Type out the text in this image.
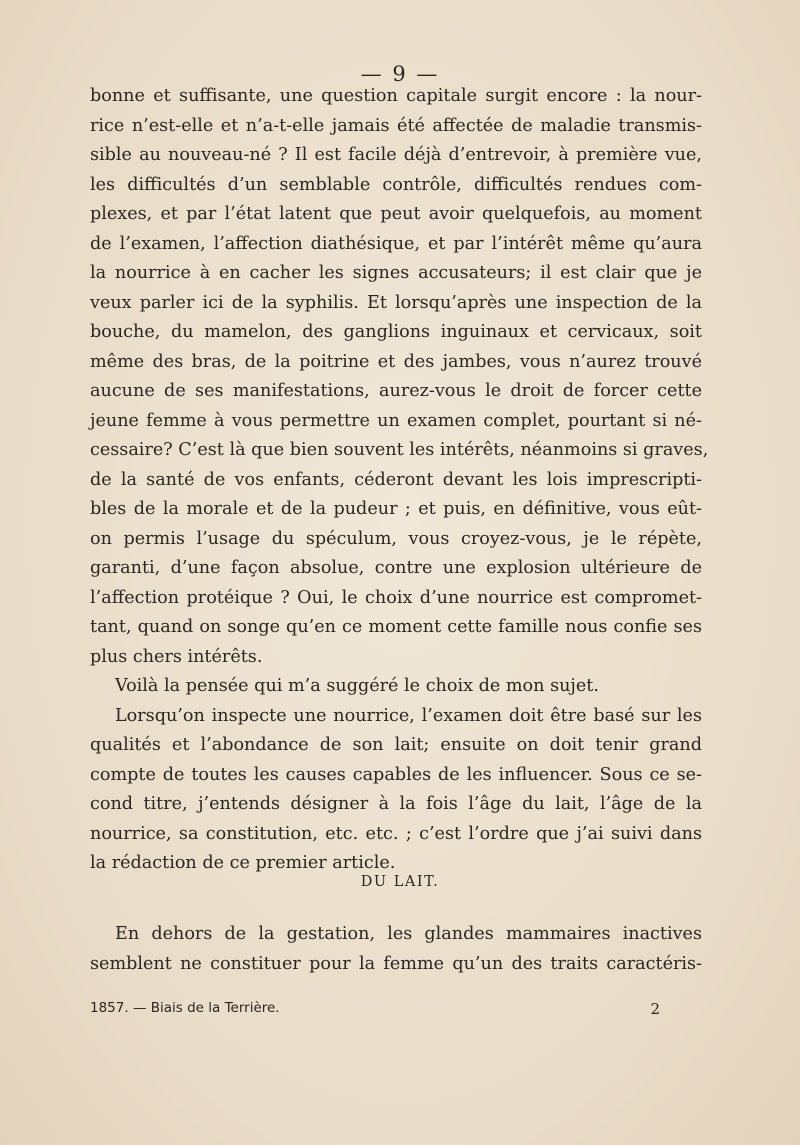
— 9 —
bonne et suffisante, une question capitale surgit encore : la nour-
rice n’est-elle et n’a-t-elle jamais été affectée de maladie transmis-
sible au nouveau-né ? Il est facile déjà d’entrevoir, à première vue,
les difficultés d’un semblable contrôle, difficultés rendues com-
plexes, et par l’état latent que peut avoir quelquefois, au moment
de l’examen, l’affection diathésique, et par l’intérêt même qu’aura
la nourrice à en cacher les signes accusateurs; il est clair que je
veux parler ici de la syphilis. Et lorsqu’après une inspection de la
bouche, du mamelon, des ganglions inguinaux et cervicaux, soit
même des bras, de la poitrine et des jambes, vous n’aurez trouvé
aucune de ses manifestations, aurez-vous le droit de forcer cette
jeune femme à vous permettre un examen complet, pourtant si né-
cessaire? C’est là que bien souvent les intérêts, néanmoins si graves,
de la santé de vos enfants, céderont devant les lois imprescripti-
bles de la morale et de la pudeur ; et puis, en définitive, vous eût-
on permis l’usage du spéculum, vous croyez-vous, je le répète,
garanti, d’une façon absolue, contre une explosion ultérieure de
l’affection protéique ? Oui, le choix d’une nourrice est compromet-
tant, quand on songe qu’en ce moment cette famille nous confie ses
plus chers intérêts.
Voilà la pensée qui m’a suggéré le choix de mon sujet.
Lorsqu’on inspecte une nourrice, l’examen doit être basé sur les
qualités et l’abondance de son lait; ensuite on doit tenir grand
compte de toutes les causes capables de les influencer. Sous ce se-
cond titre, j’entends désigner à la fois l’âge du lait, l’âge de la
nourrice, sa constitution, etc. etc. ; c’est l’ordre que j’ai suivi dans
la rédaction de ce premier article.
DU LAIT.
En dehors de la gestation, les glandes mammaires inactives
semblent ne constituer pour la femme qu’un des traits caractéris-
1857. — Biais de la Terrière.	2
